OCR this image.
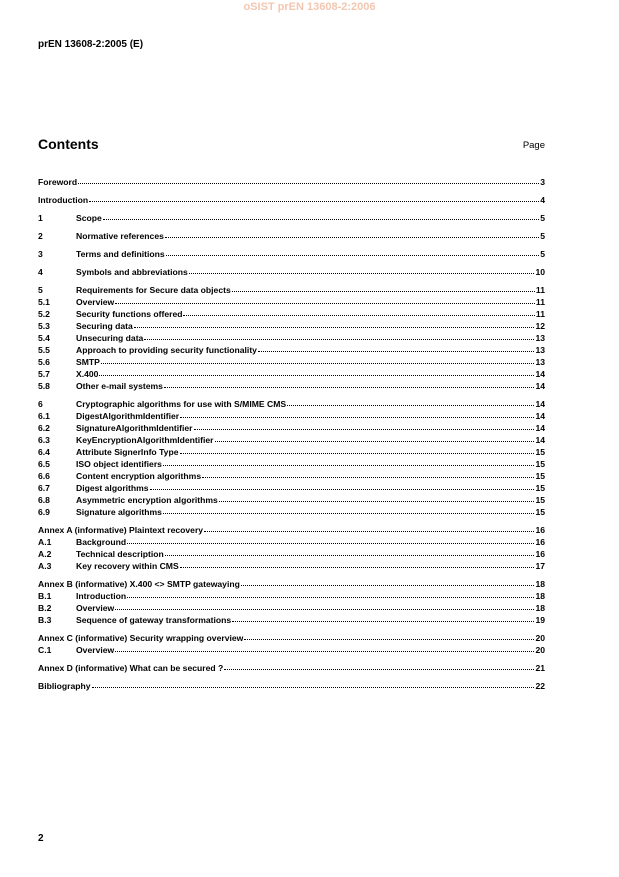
oSIST prEN 13608-2:2006
prEN 13608-2:2005 (E)
Contents	Page
Foreword	3
Introduction	4
1	Scope	5
2	Normative references	5
3	Terms and definitions	5
4	Symbols and abbreviations	10
5	Requirements for Secure data objects	11
5.1	Overview	11
5.2	Security functions offered	11
5.3	Securing data	12
5.4	Unsecuring data	13
5.5	Approach to providing security functionality	13
5.6	SMTP	13
5.7	X.400	14
5.8	Other e-mail systems	14
6	Cryptographic algorithms for use with S/MIME CMS	14
6.1	DigestAlgorithmIdentifier	14
6.2	SignatureAlgorithmIdentifier	14
6.3	KeyEncryptionAlgorithmIdentifier	14
6.4	Attribute SignerInfo Type	15
6.5	ISO object identifiers	15
6.6	Content encryption algorithms	15
6.7	Digest algorithms	15
6.8	Asymmetric encryption algorithms	15
6.9	Signature algorithms	15
Annex A (informative) Plaintext recovery	16
A.1	Background	16
A.2	Technical description	16
A.3	Key recovery within CMS	17
Annex B (informative) X.400 <> SMTP gatewaying	18
B.1	Introduction	18
B.2	Overview	18
B.3	Sequence of gateway transformations	19
Annex C (informative) Security wrapping overview	20
C.1	Overview	20
Annex D (informative) What can be secured ?	21
Bibliography	22
2
